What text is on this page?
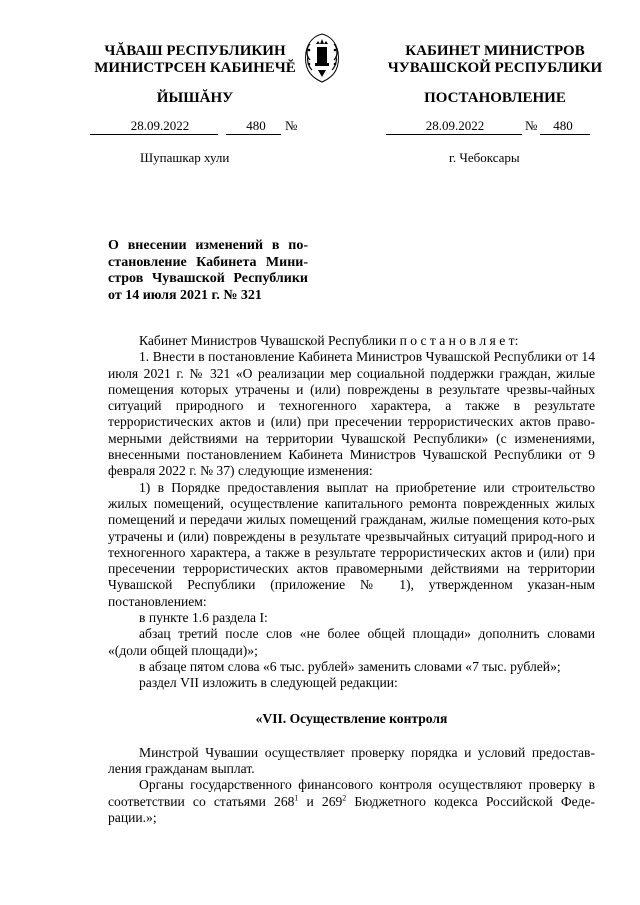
ЧĂВАШ РЕСПУБЛИКИН
МИНИСТРСЕН КАБИНЕЧĔ
ЙЫШĂНУ
КАБИНЕТ МИНИСТРОВ
ЧУВАШСКОЙ РЕСПУБЛИКИ
ПОСТАНОВЛЕНИЕ
28.09.2022	480	№
Шупашкар хули
28.09.2022	№	480
г. Чебоксары
О внесении изменений в по-
становление Кабинета Мини-
стров Чувашской Республики
от 14 июля 2021 г. № 321

Кабинет Министров Чувашской Республики п о с т а н о в л я е т:

1. Внести в постановление Кабинета Министров Чувашской Республики от 14 июля 2021 г. № 321 «О реализации мер социальной поддержки граждан, жилые помещения которых утрачены и (или) повреждены в результате чрезвы-чайных ситуаций природного и техногенного характера, а также в результате террористических актов и (или) при пресечении террористических актов право-мерными действиями на территории Чувашской Республики» (с изменениями, внесенными постановлением Кабинета Министров Чувашской Республики от 9 февраля 2022 г. № 37) следующие изменения:

1) в Порядке предоставления выплат на приобретение или строительство жилых помещений, осуществление капитального ремонта поврежденных жилых помещений и передачи жилых помещений гражданам, жилые помещения кото-рых утрачены и (или) повреждены в результате чрезвычайных ситуаций природ-ного и техногенного характера, а также в результате террористических актов и (или) при пресечении террористических актов правомерными действиями на территории Чувашской Республики (приложение № 1), утвержденном указан-ным постановлением:

в пункте 1.6 раздела I:

абзац третий после слов «не более общей площади» дополнить словами «(доли общей площади)»;

в абзаце пятом слова «6 тыс. рублей» заменить словами «7 тыс. рублей»;

раздел VII изложить в следующей редакции:

«VII. Осуществление контроля

Минстрой Чувашии осуществляет проверку порядка и условий предостав-ления гражданам выплат.

Органы государственного финансового контроля осуществляют проверку в соответствии со статьями $268^1$ и $269^2$ Бюджетного кодекса Российской Феде-рации.»;
